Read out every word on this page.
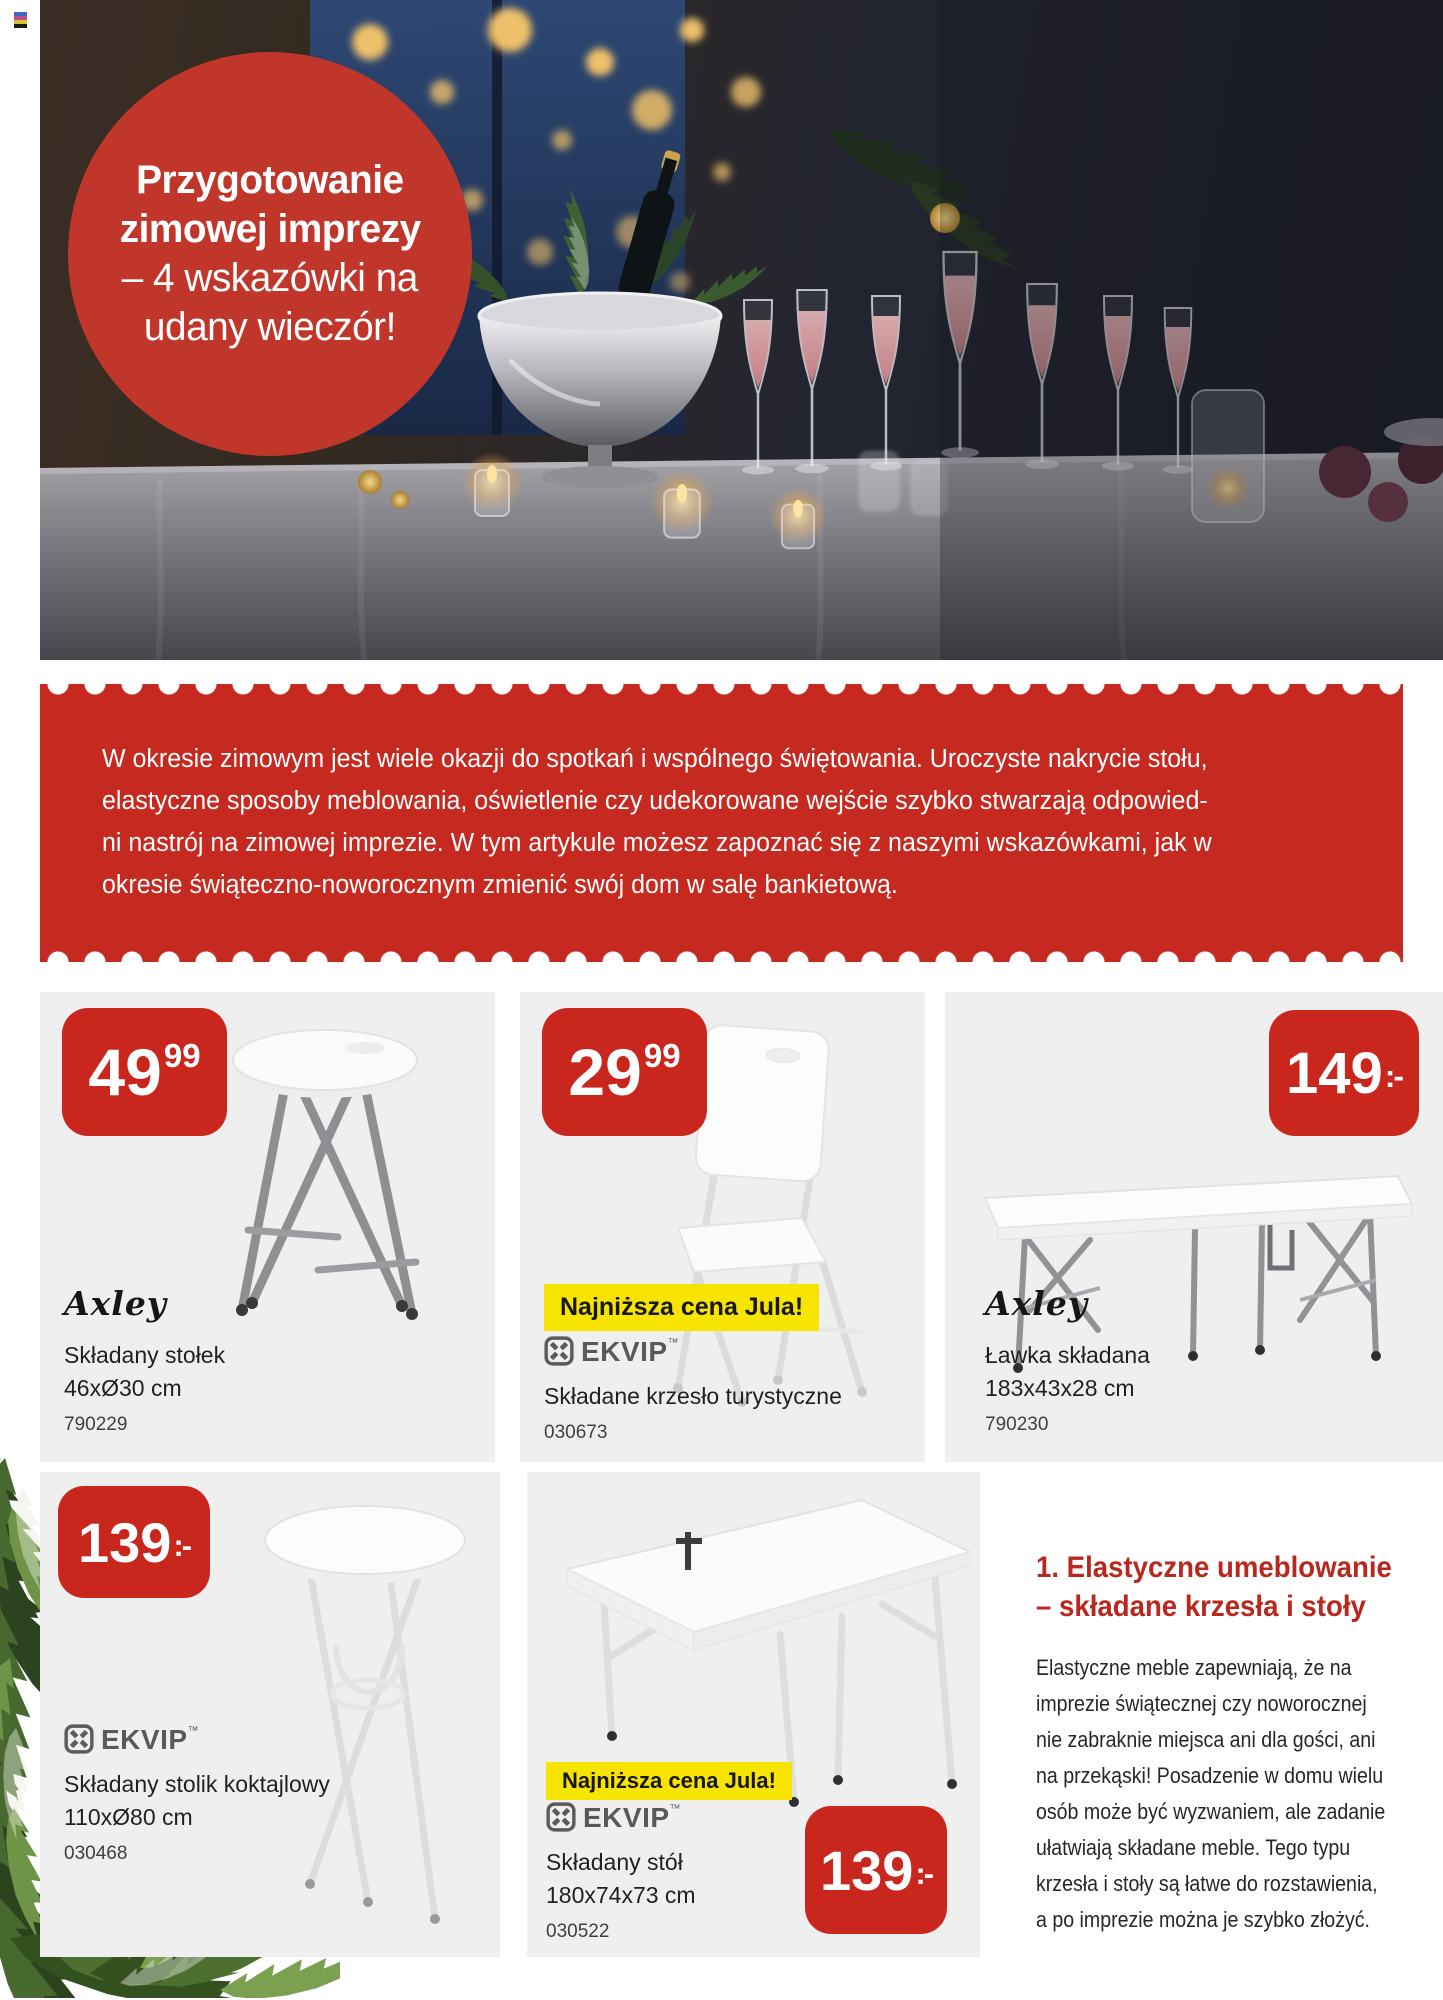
Przygotowanie
zimowej imprezy
– 4 wskazówki na
udany wieczór!
W okresie zimowym jest wiele okazji do spotkań i wspólnego świętowania. Uroczyste nakrycie stołu,
elastyczne sposoby meblowania, oświetlenie czy udekorowane wejście szybko stwarzają odpowied-
ni nastrój na zimowej imprezie. W tym artykule możesz zapoznać się z naszymi wskazówkami, jak w
okresie świąteczno-noworocznym zmienić swój dom w salę bankietową.
49 99
Axley
Składany stołek
46xØ30 cm
790229
29 99
Najniższa cena Jula!
EKVIP ™
Składane krzesło turystyczne
030673
149 :-
Axley
Ławka składana
183x43x28 cm
790230
139 :-
EKVIP ™
Składany stolik koktajlowy
110xØ80 cm
030468
Najniższa cena Jula!
139 :-
EKVIP ™
Składany stół
180x74x73 cm
030522
1. Elastyczne umeblowanie
– składane krzesła i stoły
Elastyczne meble zapewniają, że na
imprezie świątecznej czy noworocznej
nie zabraknie miejsca ani dla gości, ani
na przekąski! Posadzenie w domu wielu
osób może być wyzwaniem, ale zadanie
ułatwiają składane meble. Tego typu
krzesła i stoły są łatwe do rozstawienia,
a po imprezie można je szybko złożyć.
